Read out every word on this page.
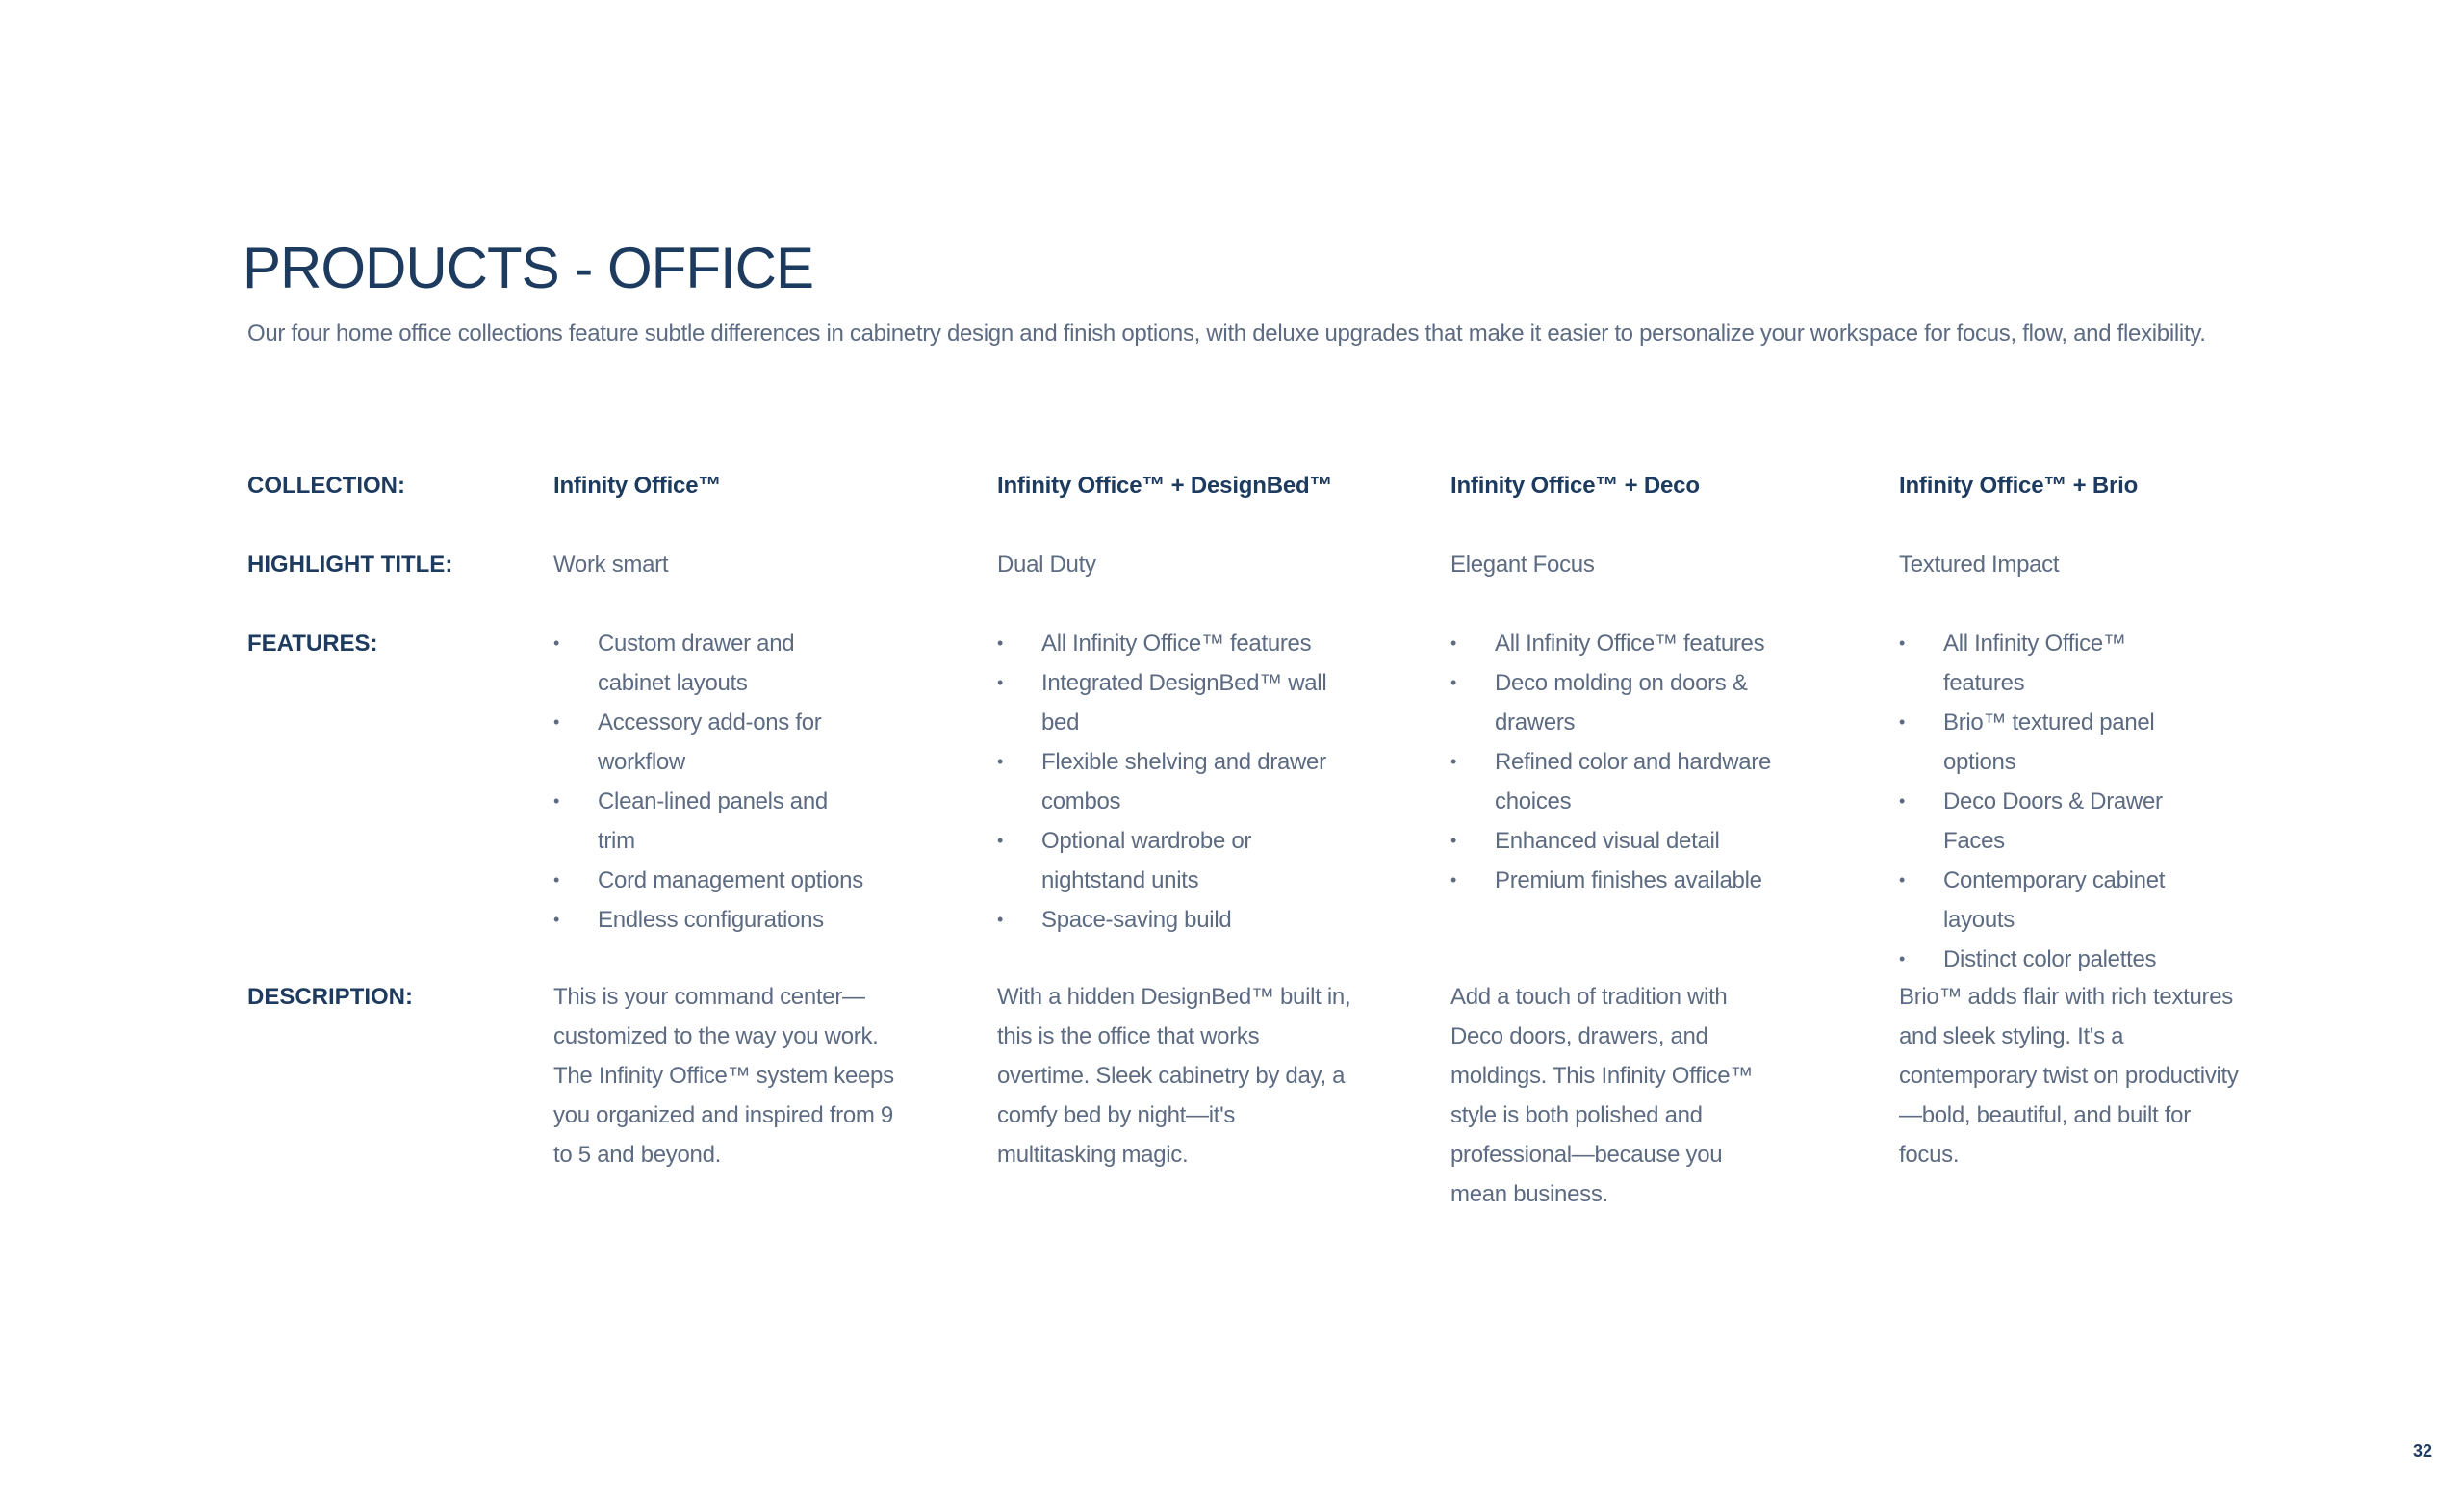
PRODUCTS - OFFICE

Our four home office collections feature subtle differences in cabinetry design and finish options, with deluxe upgrades that make it easier to personalize your workspace for focus, flow, and flexibility.

COLLECTION:	Infinity Office™	Infinity Office™ + DesignBed™	Infinity Office™ + Deco	Infinity Office™ + Brio
HIGHLIGHT TITLE:	Work smart	Dual Duty	Elegant Focus	Textured Impact
FEATURES:
•	Custom drawer and cabinet layouts
• Accessory add-ons for workflow
• Clean-lined panels and trim
• Cord management options
• Endless configurations
• All Infinity Office™ features
• Integrated DesignBed™ wall bed
• Flexible shelving and drawer combos
• Optional wardrobe or nightstand units
• Space-saving build
• All Infinity Office™ features
• Deco molding on doors & drawers
• Refined color and hardware choices
• Enhanced visual detail
• Premium finishes available
• All Infinity Office™ features
• Brio™ textured panel options
• Deco Doors & Drawer Faces
• Contemporary cabinet layouts
• Distinct color palettes
DESCRIPTION:	This is your command center—customized to the way you work. The Infinity Office™ system keeps you organized and inspired from 9 to 5 and beyond.
With a hidden DesignBed™ built in, this is the office that works overtime. Sleek cabinetry by day, a comfy bed by night—it's multitasking magic.
Add a touch of tradition with Deco doors, drawers, and moldings. This Infinity Office™ style is both polished and professional—because you mean business.
Brio™ adds flair with rich textures and sleek styling. It's a contemporary twist on productivity—bold, beautiful, and built for focus.
32
